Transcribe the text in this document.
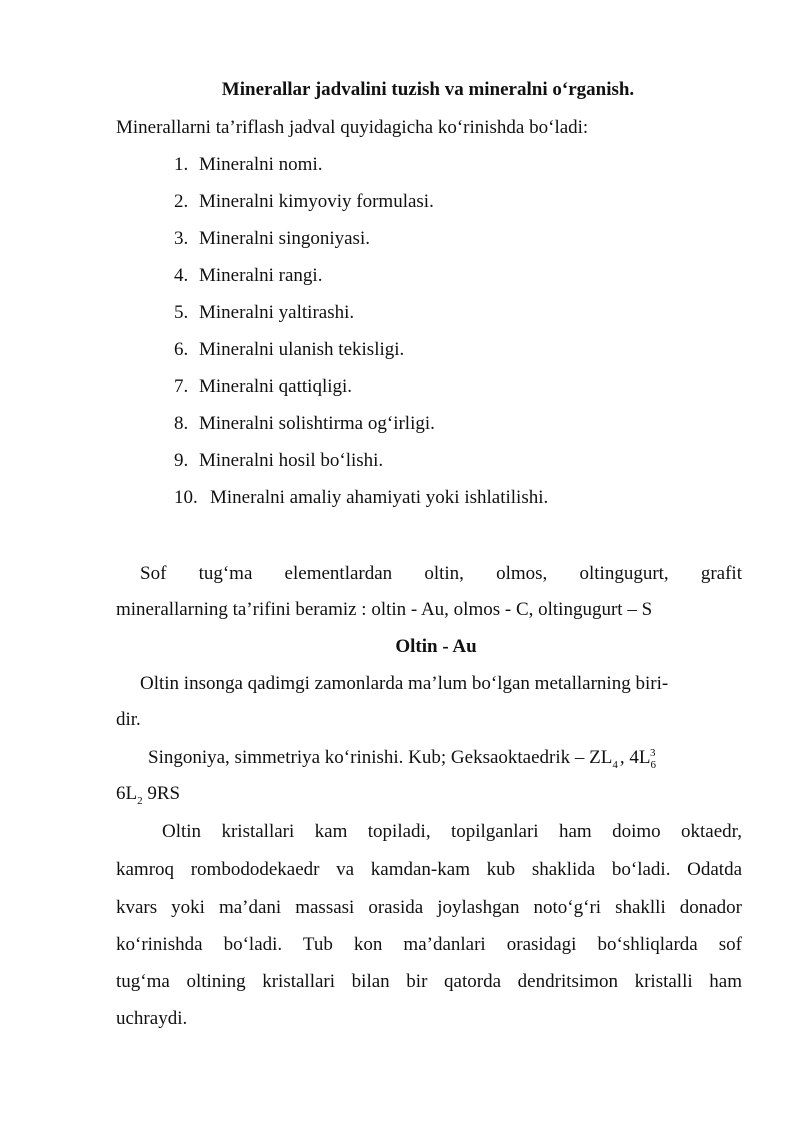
Minerallar jadvalini tuzish va mineralni o‘rganish.
Minerallarni ta’riflash jadval quyidagicha ko‘rinishda bo‘ladi:
1. Mineralni nomi.
2. Mineralni kimyoviy formulasi.
3. Mineralni singoniyasi.
4. Mineralni rangi.
5. Mineralni yaltirashi.
6. Mineralni ulanish tekisligi.
7. Mineralni qattiqligi.
8. Mineralni solishtirma og‘irligi.
9. Mineralni hosil bo‘lishi.
10. Mineralni amaliy ahamiyati yoki ishlatilishi.
Sof tug‘ma elementlardan oltin, olmos, oltingugurt, grafit
minerallarning ta’rifini beramiz : oltin - Au, olmos - C, oltingugurt – S
Oltin - Au
Oltin insonga qadimgi zamonlarda ma’lum bo‘lgan metallarning biri-
dir.
Singoniya, simmetriya ko‘rinishi. Kub; Geksaoktaedrik – $ZL_4$ , $4L_6^3$
$6L_2$ 9RS
Oltin kristallari kam topiladi, topilganlari ham doimo oktaedr,
kamroq rombododekaedr va kamdan-kam kub shaklida bo‘ladi. Odatda
kvars yoki ma’dani massasi orasida joylashgan noto‘g‘ri shaklli donador
ko‘rinishda bo‘ladi. Tub kon ma’danlari orasidagi bo‘shliqlarda sof
tug‘ma oltining kristallari bilan bir qatorda dendritsimon kristalli ham
uchraydi.
